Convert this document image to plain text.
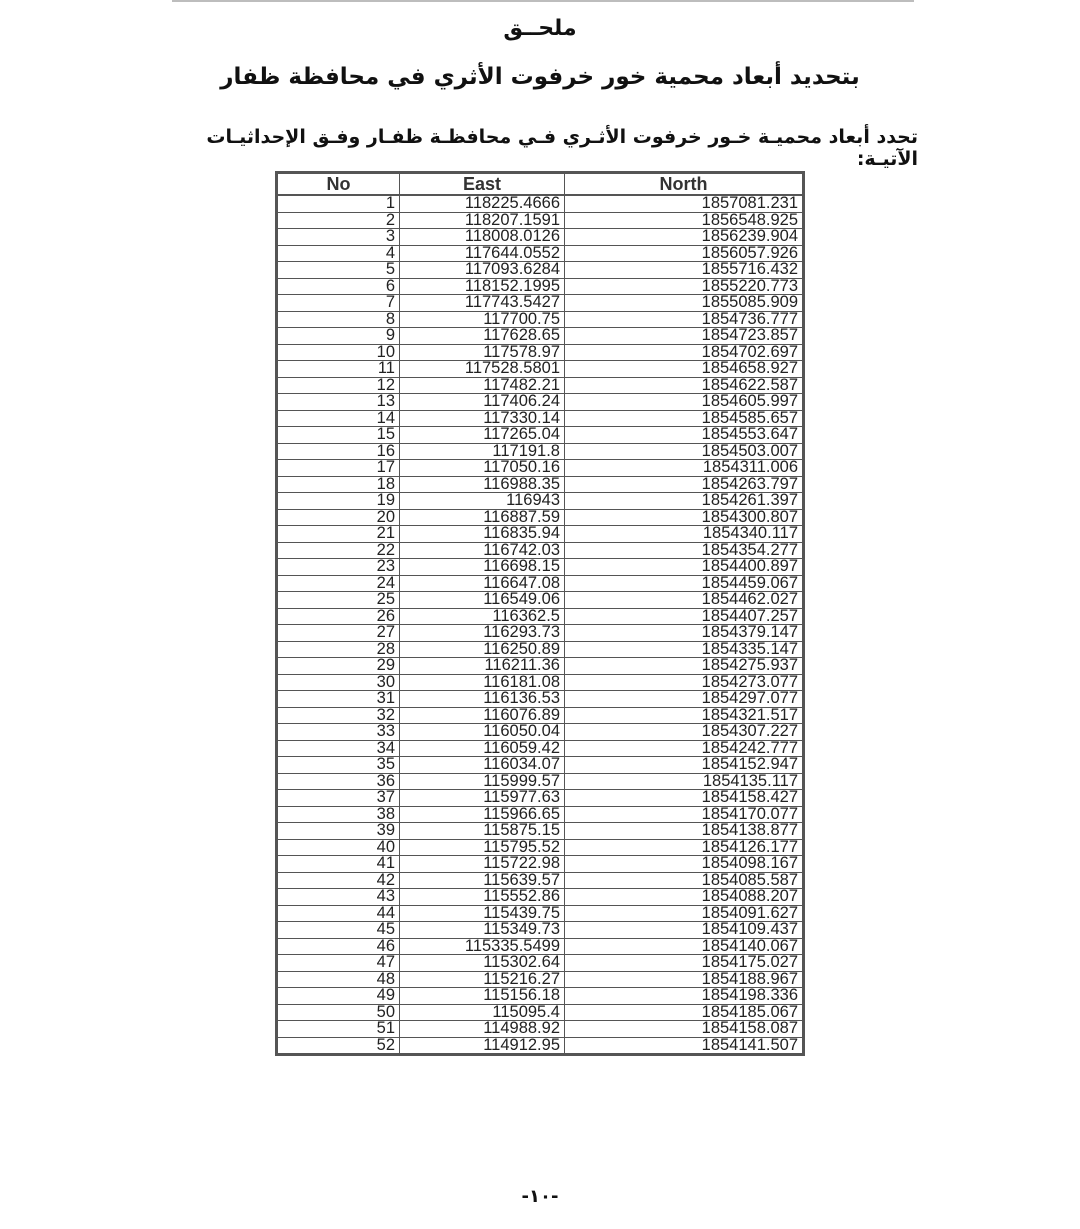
ملحــق
بتحديد أبعاد محمية خور خرفوت الأثري في محافظة ظفار
تحدد أبعاد محميـة خـور خرفوت الأثـري فـي محافظـة ظفـار وفـق الإحداثيـات الآتيـة:
No	East	North
1	118225.4666	1857081.231
2	118207.1591	1856548.925
3	118008.0126	1856239.904
4	117644.0552	1856057.926
5	117093.6284	1855716.432
6	118152.1995	1855220.773
7	117743.5427	1855085.909
8	117700.75	1854736.777
9	117628.65	1854723.857
10	117578.97	1854702.697
11	117528.5801	1854658.927
12	117482.21	1854622.587
13	117406.24	1854605.997
14	117330.14	1854585.657
15	117265.04	1854553.647
16	117191.8	1854503.007
17	117050.16	1854311.006
18	116988.35	1854263.797
19	116943	1854261.397
20	116887.59	1854300.807
21	116835.94	1854340.117
22	116742.03	1854354.277
23	116698.15	1854400.897
24	116647.08	1854459.067
25	116549.06	1854462.027
26	116362.5	1854407.257
27	116293.73	1854379.147
28	116250.89	1854335.147
29	116211.36	1854275.937
30	116181.08	1854273.077
31	116136.53	1854297.077
32	116076.89	1854321.517
33	116050.04	1854307.227
34	116059.42	1854242.777
35	116034.07	1854152.947
36	115999.57	1854135.117
37	115977.63	1854158.427
38	115966.65	1854170.077
39	115875.15	1854138.877
40	115795.52	1854126.177
41	115722.98	1854098.167
42	115639.57	1854085.587
43	115552.86	1854088.207
44	115439.75	1854091.627
45	115349.73	1854109.437
46	115335.5499	1854140.067
47	115302.64	1854175.027
48	115216.27	1854188.967
49	115156.18	1854198.336
50	115095.4	1854185.067
51	114988.92	1854158.087
52	114912.95	1854141.507
-١٠-
